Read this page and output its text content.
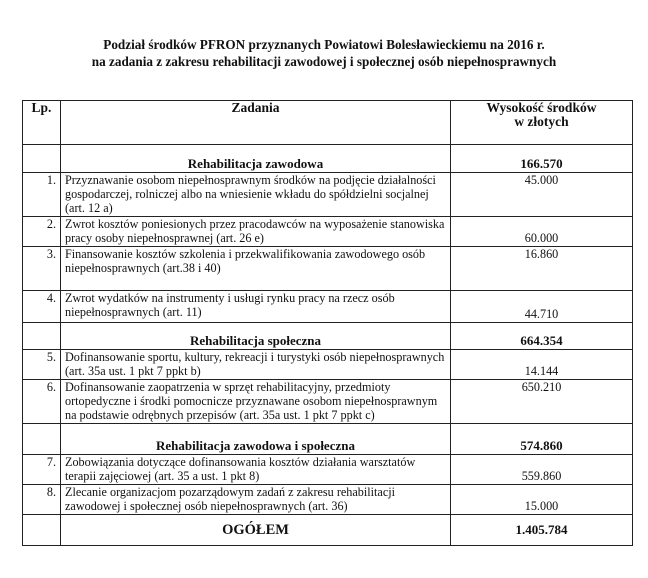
Podział środków PFRON przyznanych Powiatowi Bolesławieckiemu na 2016 r.
na zadania z zakresu rehabilitacji zawodowej i społecznej osób niepełnosprawnych
Lp.	Zadania	Wysokość środków
w złotych

	Rehabilitacja zawodowa	166.570
1.	Przyznawanie osobom niepełnosprawnym środków na podjęcie działalności gospodarczej, rolniczej albo na wniesienie wkładu do spółdzielni socjalnej (art. 12 a)	45.000
2.	Zwrot kosztów poniesionych przez pracodawców na wyposażenie stanowiska pracy osoby niepełnosprawnej (art. 26 e)	60.000
3.	Finansowanie kosztów szkolenia i przekwalifikowania zawodowego osób niepełnosprawnych (art.38 i 40)	16.860
4.	Zwrot wydatków na instrumenty i usługi rynku pracy na rzecz osób niepełnosprawnych (art. 11)	44.710
	Rehabilitacja społeczna	664.354
5.	Dofinansowanie sportu, kultury, rekreacji i turystyki osób niepełnosprawnych (art. 35a ust. 1 pkt 7 ppkt b)	14.144
6.	Dofinansowanie zaopatrzenia w sprzęt rehabilitacyjny, przedmioty ortopedyczne i środki pomocnicze przyznawane osobom niepełnosprawnym na podstawie odrębnych przepisów (art. 35a ust. 1 pkt 7 ppkt c)	650.210
	Rehabilitacja zawodowa i społeczna	574.860
7.	Zobowiązania dotyczące dofinansowania kosztów działania warsztatów terapii zajęciowej (art. 35 a ust. 1 pkt 8)	559.860
8.	Zlecanie organizacjom pozarządowym zadań z zakresu rehabilitacji zawodowej i społecznej osób niepełnosprawnych (art. 36)	15.000
	OGÓŁEM	1.405.784
